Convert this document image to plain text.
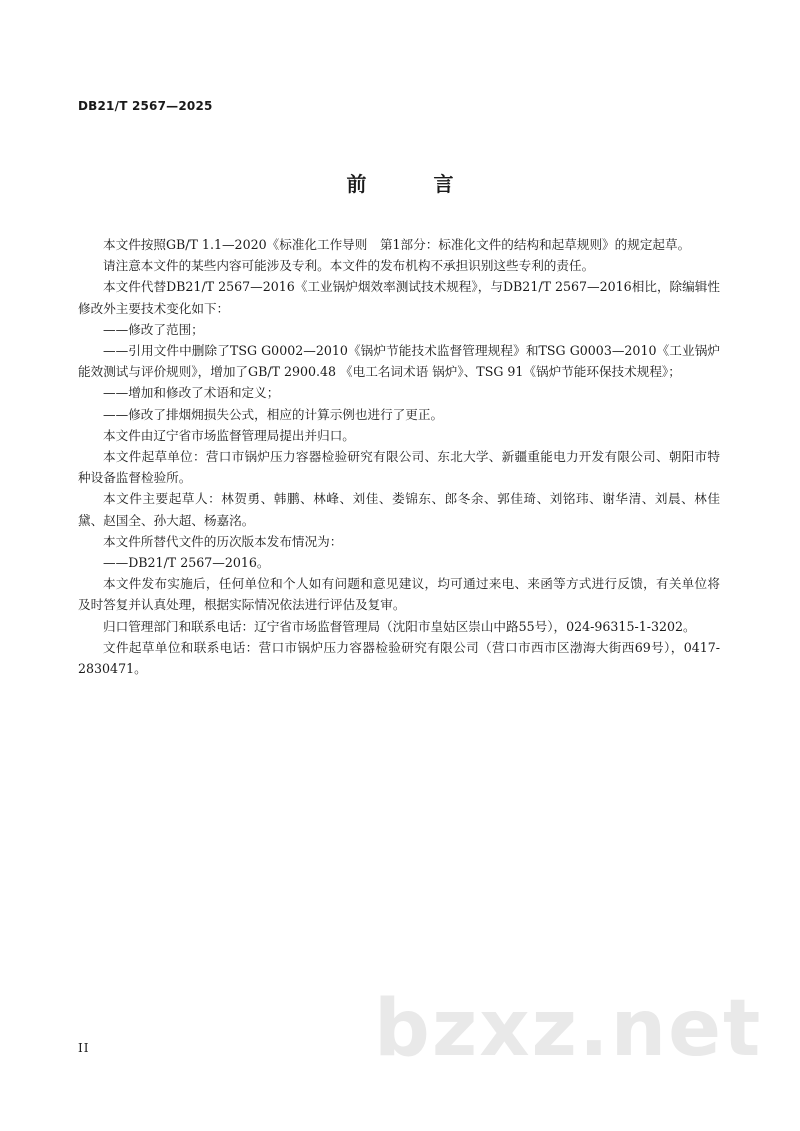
DB21/T 2567—2025
前 言

本文件按照GB/T 1.1—2020《标准化工作导则　第1部分：标准化文件的结构和起草规则》的规定起草。

请注意本文件的某些内容可能涉及专利。本文件的发布机构不承担识别这些专利的责任。

本文件代替DB21/T 2567—2016《工业锅炉烟效率测试技术规程》，与DB21/T 2567—2016相比，除编辑性修改外主要技术变化如下：

——修改了范围；

——引用文件中删除了TSG G0002—2010《锅炉节能技术监督管理规程》和TSG G0003—2010《工业锅炉能效测试与评价规则》，增加了GB/T 2900.48 《电工名词术语 锅炉》、TSG 91《锅炉节能环保技术规程》；

——增加和修改了术语和定义；

——修改了排烟㶲损失公式，相应的计算示例也进行了更正。

本文件由辽宁省市场监督管理局提出并归口。

本文件起草单位：营口市锅炉压力容器检验研究有限公司、东北大学、新疆重能电力开发有限公司、朝阳市特种设备监督检验所。

本文件主要起草人：林贺勇、韩鹏、林峰、刘佳、娄锦东、郎冬余、郭佳琦、刘铭玮、谢华清、刘晨、林佳黛、赵国全、孙大超、杨嘉洺。

本文件所替代文件的历次版本发布情况为：

——DB21/T 2567—2016。

本文件发布实施后，任何单位和个人如有问题和意见建议，均可通过来电、来函等方式进行反馈，有关单位将及时答复并认真处理，根据实际情况依法进行评估及复审。

归口管理部门和联系电话：辽宁省市场监督管理局（沈阳市皇姑区崇山中路55号），024-96315-1-3202。

文件起草单位和联系电话：营口市锅炉压力容器检验研究有限公司（营口市西市区渤海大街西69号），0417-2830471。

bzxz.net
II
